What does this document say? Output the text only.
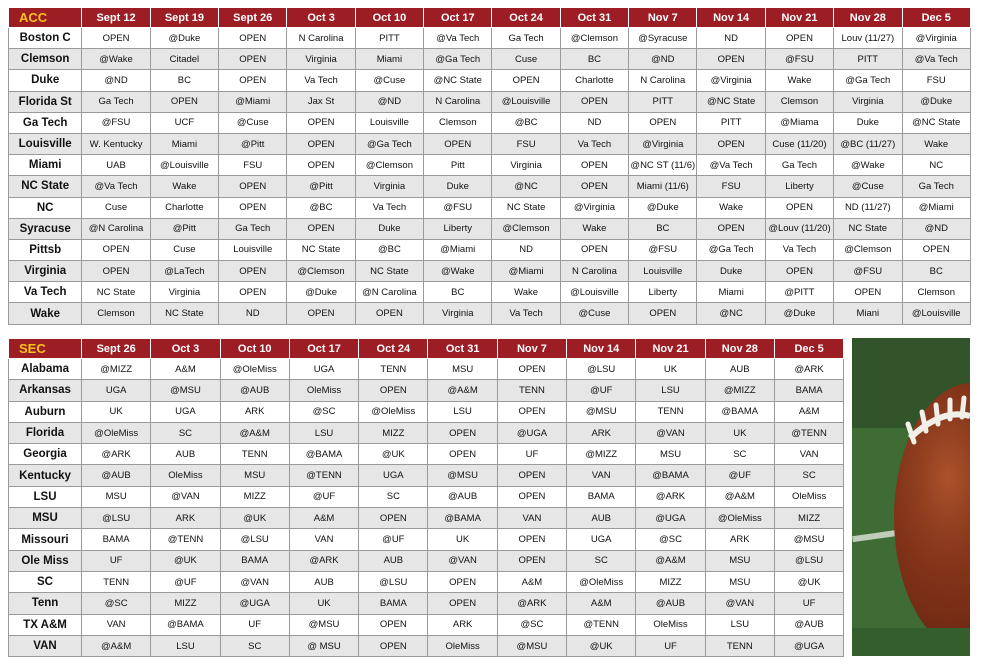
ACC	Sept 12	Sept 19	Sept 26	Oct 3	Oct 10	Oct 17	Oct 24	Oct 31	Nov 7	Nov 14	Nov 21	Nov 28	Dec 5
Boston C	OPEN	@Duke	OPEN	N Carolina	PITT	@Va Tech	Ga Tech	@Clemson	@Syracuse	ND	OPEN	Louv (11/27)	@Virginia
Clemson	@Wake	Citadel	OPEN	Virginia	Miami	@Ga Tech	Cuse	BC	@ND	OPEN	@FSU	PITT	@Va Tech
Duke	@ND	BC	OPEN	Va Tech	@Cuse	@NC State	OPEN	Charlotte	N Carolina	@Virginia	Wake	@Ga Tech	FSU
Florida St	Ga Tech	OPEN	@Miami	Jax St	@ND	N Carolina	@Louisville	OPEN	PITT	@NC State	Clemson	Virginia	@Duke
Ga Tech	@FSU	UCF	@Cuse	OPEN	Louisville	Clemson	@BC	ND	OPEN	PITT	@Miama	Duke	@NC State
Louisville	W. Kentucky	Miami	@Pitt	OPEN	@Ga Tech	OPEN	FSU	Va Tech	@Virginia	OPEN	Cuse (11/20)	@BC (11/27)	Wake
Miami	UAB	@Louisville	FSU	OPEN	@Clemson	Pitt	Virginia	OPEN	@NC ST (11/6)	@Va Tech	Ga Tech	@Wake	NC
NC State	@Va Tech	Wake	OPEN	@Pitt	Virginia	Duke	@NC	OPEN	Miami (11/6)	FSU	Liberty	@Cuse	Ga Tech
NC	Cuse	Charlotte	OPEN	@BC	Va Tech	@FSU	NC State	@Virginia	@Duke	Wake	OPEN	ND (11/27)	@Miami
Syracuse	@N Carolina	@Pitt	Ga Tech	OPEN	Duke	Liberty	@Clemson	Wake	BC	OPEN	@Louv (11/20)	NC State	@ND
Pittsb	OPEN	Cuse	Louisville	NC State	@BC	@Miami	ND	OPEN	@FSU	@Ga Tech	Va Tech	@Clemson	OPEN
Virginia	OPEN	@LaTech	OPEN	@Clemson	NC State	@Wake	@Miami	N Carolina	Louisville	Duke	OPEN	@FSU	BC
Va Tech	NC State	Virginia	OPEN	@Duke	@N Carolina	BC	Wake	@Louisville	Liberty	Miami	@PITT	OPEN	Clemson
Wake	Clemson	NC State	ND	OPEN	OPEN	Virginia	Va Tech	@Cuse	OPEN	@NC	@Duke	Miani	@Louisville
SEC	Sept 26	Oct 3	Oct 10	Oct 17	Oct 24	Oct 31	Nov 7	Nov 14	Nov 21	Nov 28	Dec 5
Alabama	@MIZZ	A&M	@OleMiss	UGA	TENN	MSU	OPEN	@LSU	UK	AUB	@ARK
Arkansas	UGA	@MSU	@AUB	OleMiss	OPEN	@A&M	TENN	@UF	LSU	@MIZZ	BAMA
Auburn	UK	UGA	ARK	@SC	@OleMiss	LSU	OPEN	@MSU	TENN	@BAMA	A&M
Florida	@OleMiss	SC	@A&M	LSU	MIZZ	OPEN	@UGA	ARK	@VAN	UK	@TENN
Georgia	@ARK	AUB	TENN	@BAMA	@UK	OPEN	UF	@MIZZ	MSU	SC	VAN
Kentucky	@AUB	OleMiss	MSU	@TENN	UGA	@MSU	OPEN	VAN	@BAMA	@UF	SC
LSU	MSU	@VAN	MIZZ	@UF	SC	@AUB	OPEN	BAMA	@ARK	@A&M	OleMiss
MSU	@LSU	ARK	@UK	A&M	OPEN	@BAMA	VAN	AUB	@UGA	@OleMiss	MIZZ
Missouri	BAMA	@TENN	@LSU	VAN	@UF	UK	OPEN	UGA	@SC	ARK	@MSU
Ole Miss	UF	@UK	BAMA	@ARK	AUB	@VAN	OPEN	SC	@A&M	MSU	@LSU
SC	TENN	@UF	@VAN	AUB	@LSU	OPEN	A&M	@OleMiss	MIZZ	MSU	@UK
Tenn	@SC	MIZZ	@UGA	UK	BAMA	OPEN	@ARK	A&M	@AUB	@VAN	UF
TX A&M	VAN	@BAMA	UF	@MSU	OPEN	ARK	@SC	@TENN	OleMiss	LSU	@AUB
VAN	@A&M	LSU	SC	@ MSU	OPEN	OleMiss	@MSU	@UK	UF	TENN	@UGA
